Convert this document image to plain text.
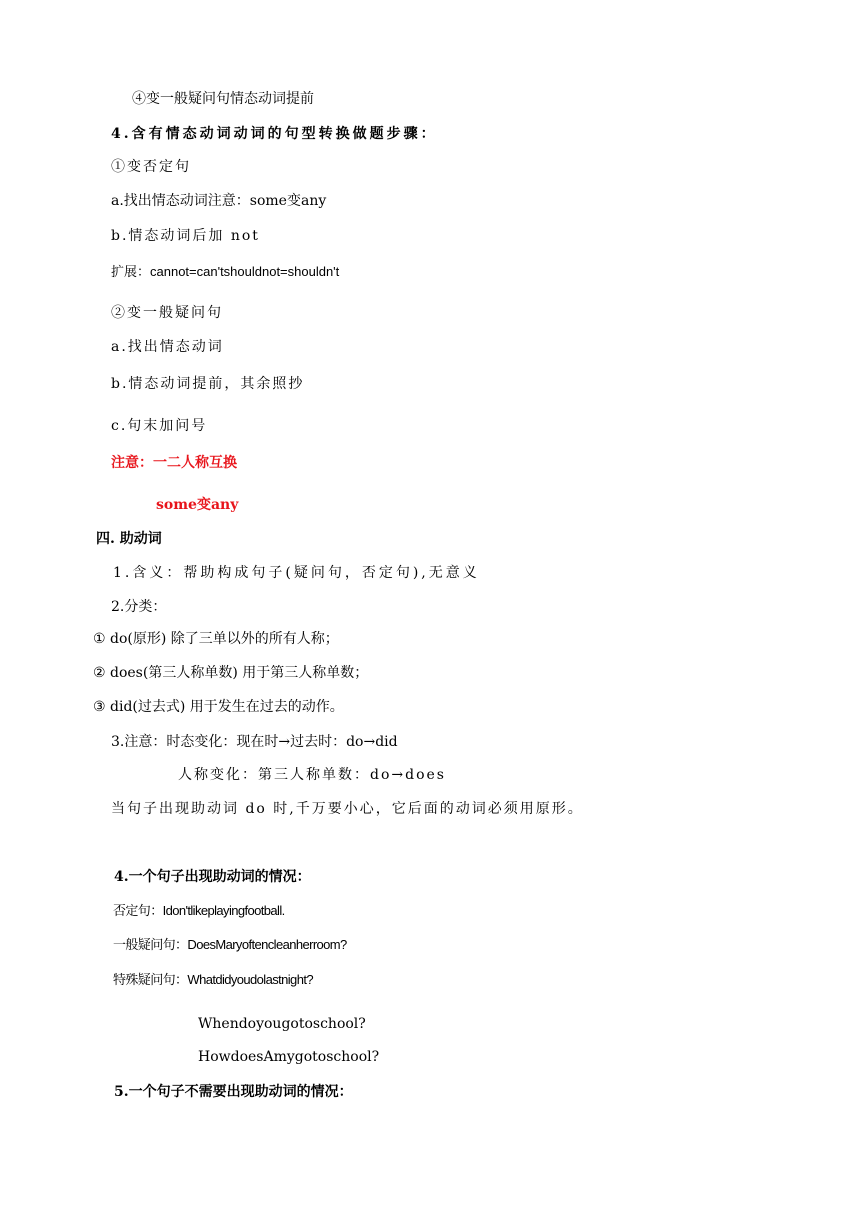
④变一般疑问句情态动词提前
4.含有情态动词动词的句型转换做题步骤：
①变否定句
a.找出情态动词注意：some变any
b.情态动词后加 not
扩展：cannot=can'tshouldnot=shouldn't
②变一般疑问句
a.找出情态动词
b.情态动词提前，其余照抄
c.句末加问号
注意：一二人称互换
some变any
四. 助动词
1.含义：帮助构成句子(疑问句，否定句),无意义
2.分类：
① do(原形) 除了三单以外的所有人称；
② does(第三人称单数) 用于第三人称单数；
③ did(过去式) 用于发生在过去的动作。
3.注意：时态变化：现在时→过去时：do→did
人称变化：第三人称单数：do→does
当句子出现助动词 do 时,千万要小心，它后面的动词必须用原形。
4.一个句子出现助动词的情况：
否定句：Idon'tlikeplayingfootball.
一般疑问句：DoesMaryoftencleanherroom?
特殊疑问句：Whatdidyoudolastnight?
Whendoyougotoschool?
HowdoesAmygotoschool?
5.一个句子不需要出现助动词的情况：
